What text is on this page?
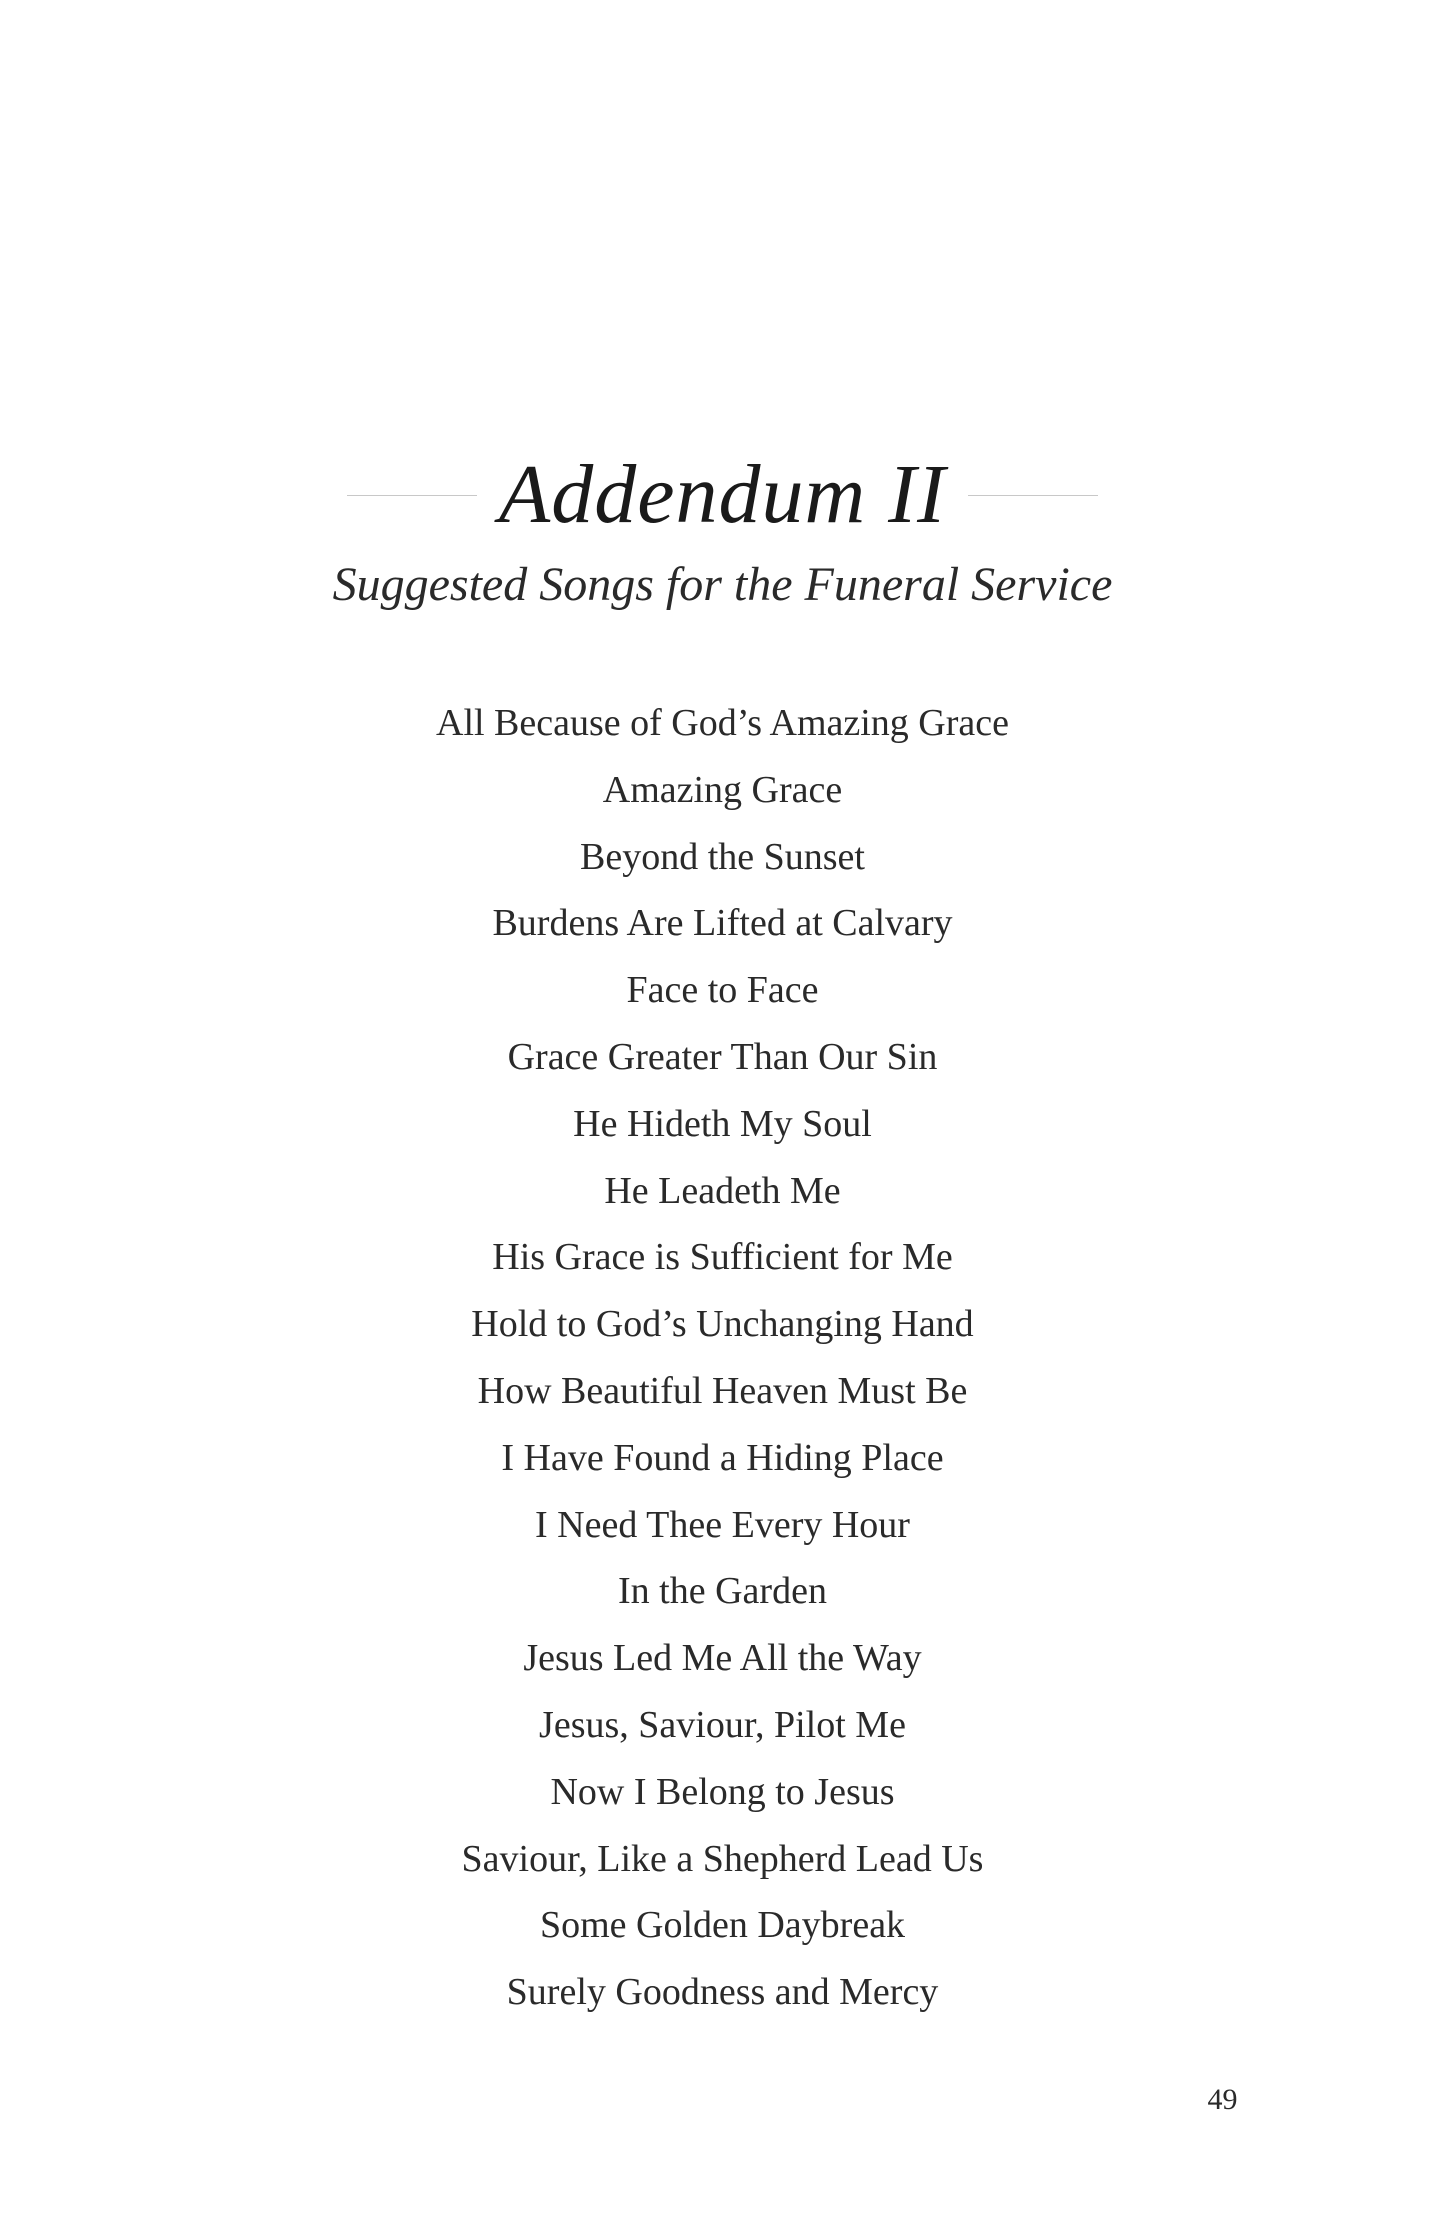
Addendum II
Suggested Songs for the Funeral Service
All Because of God’s Amazing Grace
Amazing Grace
Beyond the Sunset
Burdens Are Lifted at Calvary
Face to Face
Grace Greater Than Our Sin
He Hideth My Soul
He Leadeth Me
His Grace is Sufficient for Me
Hold to God’s Unchanging Hand
How Beautiful Heaven Must Be
I Have Found a Hiding Place
I Need Thee Every Hour
In the Garden
Jesus Led Me All the Way
Jesus, Saviour, Pilot Me
Now I Belong to Jesus
Saviour, Like a Shepherd Lead Us
Some Golden Daybreak
Surely Goodness and Mercy
49
